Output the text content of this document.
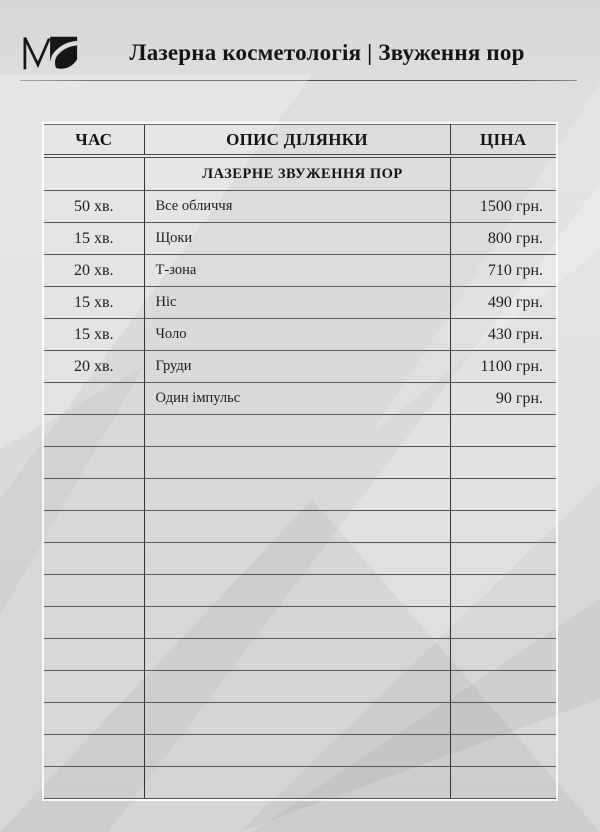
Лазерна косметологія | Звуження пор
ЧАС	ОПИС ДІЛЯНКИ	ЦІНА
	ЛАЗЕРНЕ ЗВУЖЕННЯ ПОР	
50 хв.	Все обличчя	1500 грн.
15 хв.	Щоки	800 грн.
20 хв.	Т-зона	710 грн.
15 хв.	Ніс	490 грн.
15 хв.	Чоло	430 грн.
20 хв.	Груди	1100 грн.
	Один імпульс	90 грн.
